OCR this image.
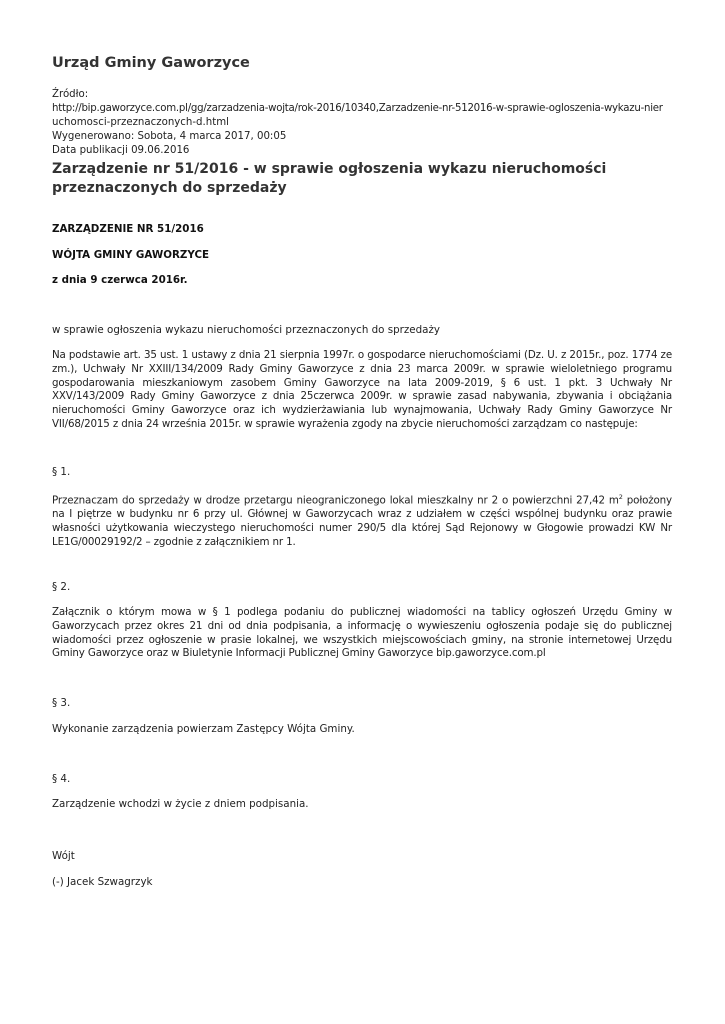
Urząd Gminy Gaworzyce
Źródło:
http://bip.gaworzyce.com.pl/gg/zarzadzenia-wojta/rok-2016/10340,Zarzadzenie-nr-512016-w-sprawie-ogloszenia-wykazu-nier
uchomosci-przeznaczonych-d.html
Wygenerowano: Sobota, 4 marca 2017, 00:05
Data publikacji 09.06.2016
Zarządzenie nr 51/2016 - w sprawie ogłoszenia wykazu nieruchomości przeznaczonych do sprzedaży
ZARZĄDZENIE NR 51/2016
WÓJTA GMINY GAWORZYCE
z dnia 9 czerwca 2016r.
w sprawie ogłoszenia wykazu nieruchomości przeznaczonych do sprzedaży
Na podstawie art. 35 ust. 1 ustawy z dnia 21 sierpnia 1997r. o gospodarce nieruchomościami (Dz. U. z 2015r., poz. 1774 ze zm.), Uchwały Nr XXIII/134/2009 Rady Gminy Gaworzyce z dnia 23 marca 2009r. w sprawie wieloletniego programu gospodarowania mieszkaniowym zasobem Gminy Gaworzyce na lata 2009-2019, § 6 ust. 1 pkt. 3 Uchwały Nr XXV/143/2009 Rady Gminy Gaworzyce z dnia 25czerwca 2009r. w sprawie zasad nabywania, zbywania i obciążania nieruchomości Gminy Gaworzyce oraz ich wydzierżawiania lub wynajmowania, Uchwały Rady Gminy Gaworzyce Nr VII/68/2015 z dnia 24 września 2015r. w sprawie wyrażenia zgody na zbycie nieruchomości zarządzam co następuje:
§ 1.
Przeznaczam do sprzedaży w drodze przetargu nieograniczonego lokal mieszkalny nr 2 o powierzchni 27,42 $m^2$ położony na I piętrze w budynku nr 6 przy ul. Głównej w Gaworzycach wraz z udziałem w części wspólnej budynku oraz prawie własności użytkowania wieczystego nieruchomości numer 290/5 dla której Sąd Rejonowy w Głogowie prowadzi KW Nr LE1G/00029192/2 – zgodnie z załącznikiem nr 1.
§ 2.
Załącznik o którym mowa w § 1 podlega podaniu do publicznej wiadomości na tablicy ogłoszeń Urzędu Gminy w Gaworzycach przez okres 21 dni od dnia podpisania, a informację o wywieszeniu ogłoszenia podaje się do publicznej wiadomości przez ogłoszenie w prasie lokalnej, we wszystkich miejscowościach gminy, na stronie internetowej Urzędu Gminy Gaworzyce oraz w Biuletynie Informacji Publicznej Gminy Gaworzyce bip.gaworzyce.com.pl
§ 3.
Wykonanie zarządzenia powierzam Zastępcy Wójta Gminy.
§ 4.
Zarządzenie wchodzi w życie z dniem podpisania.
Wójt
(-) Jacek Szwagrzyk
